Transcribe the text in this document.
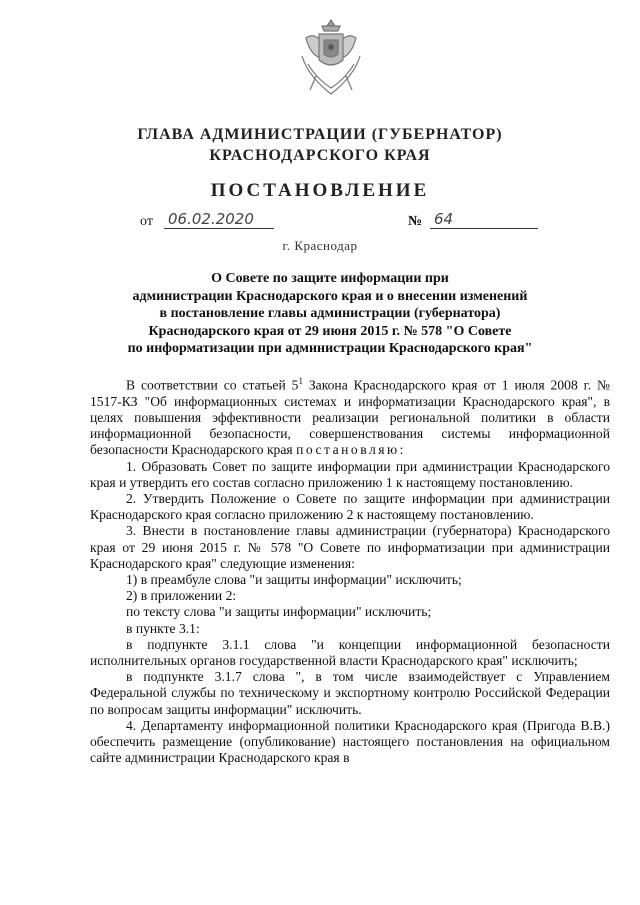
ГЛАВА АДМИНИСТРАЦИИ (ГУБЕРНАТОР)
КРАСНОДАРСКОГО КРАЯ
ПОСТАНОВЛЕНИЕ
от 06.02.2020	№ 64
г. Краснодар
О Совете по защите информации при
администрации Краснодарского края и о внесении изменений
в постановление главы администрации (губернатора)
Краснодарского края от 29 июня 2015 г. № 578 "О Совете
по информатизации при администрации Краснодарского края"

В соответствии со статьей $5^1$ Закона Краснодарского края от 1 июля 2008 г. № 1517-КЗ "Об информационных системах и информатизации Краснодарского края", в целях повышения эффективности реализации региональной политики в области информационной безопасности, совершенствования системы информационной безопасности Краснодарского края постановляю:

1. Образовать Совет по защите информации при администрации Краснодарского края и утвердить его состав согласно приложению 1 к настоящему постановлению.

2. Утвердить Положение о Совете по защите информации при администрации Краснодарского края согласно приложению 2 к настоящему постановлению.

3. Внести в постановление главы администрации (губернатора) Краснодарского края от 29 июня 2015 г. № 578 "О Совете по информатизации при администрации Краснодарского края" следующие изменения:

1) в преамбуле слова "и защиты информации" исключить;

2) в приложении 2:

по тексту слова "и защиты информации" исключить;

в пункте 3.1:

в подпункте 3.1.1 слова "и концепции информационной безопасности исполнительных органов государственной власти Краснодарского края" исключить;

в подпункте 3.1.7 слова ", в том числе взаимодействует с Управлением Федеральной службы по техническому и экспортному контролю Российской Федерации по вопросам защиты информации" исключить.

4. Департаменту информационной политики Краснодарского края (Пригода В.В.) обеспечить размещение (опубликование) настоящего постановления на официальном сайте администрации Краснодарского края в
